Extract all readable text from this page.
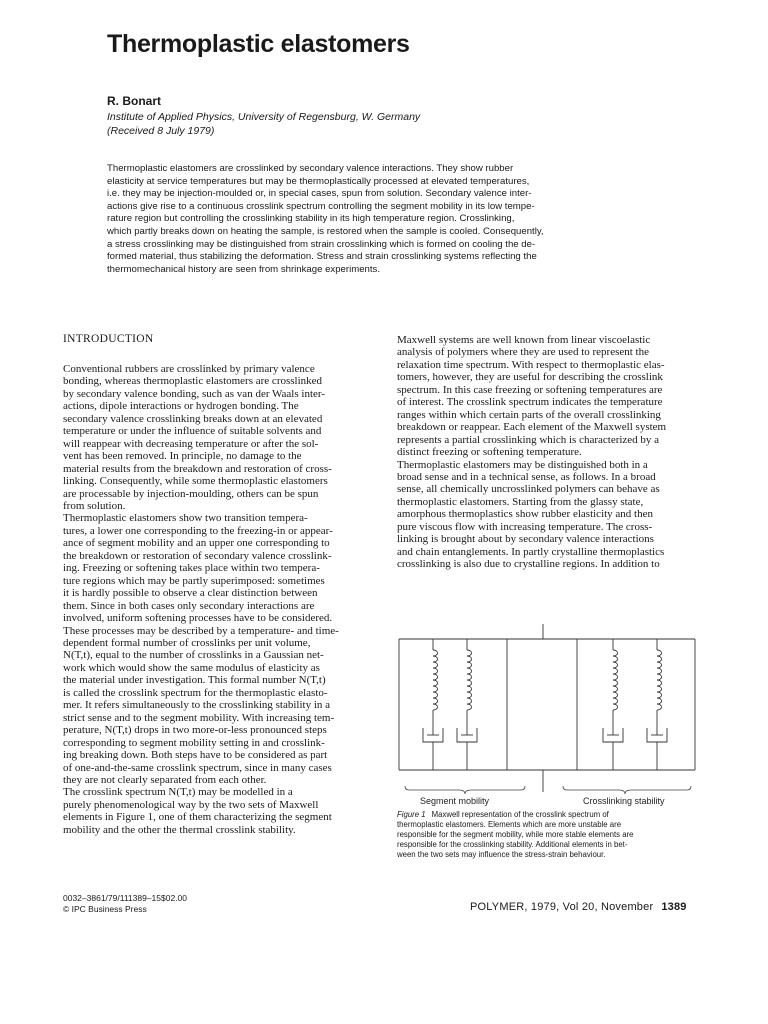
Thermoplastic elastomers
R. Bonart
Institute of Applied Physics, University of Regensburg, W. Germany
(Received 8 July 1979)
Thermoplastic elastomers are crosslinked by secondary valence interactions. They show rubber
elasticity at service temperatures but may be thermoplastically processed at elevated temperatures,
i.e. they may be injection-moulded or, in special cases, spun from solution. Secondary valence inter-
actions give rise to a continuous crosslink spectrum controlling the segment mobility in its low tempe-
rature region but controlling the crosslinking stability in its high temperature region. Crosslinking,
which partly breaks down on heating the sample, is restored when the sample is cooled. Consequently,
a stress crosslinking may be distinguished from strain crosslinking which is formed on cooling the de-
formed material, thus stabilizing the deformation. Stress and strain crosslinking systems reflecting the
thermomechanical history are seen from shrinkage experiments.
INTRODUCTION
Conventional rubbers are crosslinked by primary valence
bonding, whereas thermoplastic elastomers are crosslinked
by secondary valence bonding, such as van der Waals inter-
actions, dipole interactions or hydrogen bonding. The
secondary valence crosslinking breaks down at an elevated
temperature or under the influence of suitable solvents and
will reappear with decreasing temperature or after the sol-
vent has been removed. In principle, no damage to the
material results from the breakdown and restoration of cross-
linking. Consequently, while some thermoplastic elastomers
are processable by injection-moulding, others can be spun
from solution.
Thermoplastic elastomers show two transition tempera-
tures, a lower one corresponding to the freezing-in or appear-
ance of segment mobility and an upper one corresponding to
the breakdown or restoration of secondary valence crosslink-
ing. Freezing or softening takes place within two tempera-
ture regions which may be partly superimposed: sometimes
it is hardly possible to observe a clear distinction between
them. Since in both cases only secondary interactions are
involved, uniform softening processes have to be considered.
These processes may be described by a temperature- and time-
dependent formal number of crosslinks per unit volume,
N(T,t), equal to the number of crosslinks in a Gaussian net-
work which would show the same modulus of elasticity as
the material under investigation. This formal number N(T,t)
is called the crosslink spectrum for the thermoplastic elasto-
mer. It refers simultaneously to the crosslinking stability in a
strict sense and to the segment mobility. With increasing tem-
perature, N(T,t) drops in two more-or-less pronounced steps
corresponding to segment mobility setting in and crosslink-
ing breaking down. Both steps have to be considered as part
of one-and-the-same crosslink spectrum, since in many cases
they are not clearly separated from each other.
The crosslink spectrum N(T,t) may be modelled in a
purely phenomenological way by the two sets of Maxwell
elements in Figure 1, one of them characterizing the segment
mobility and the other the thermal crosslink stability.
Maxwell systems are well known from linear viscoelastic
analysis of polymers where they are used to represent the
relaxation time spectrum. With respect to thermoplastic elas-
tomers, however, they are useful for describing the crosslink
spectrum. In this case freezing or softening temperatures are
of interest. The crosslink spectrum indicates the temperature
ranges within which certain parts of the overall crosslinking
breakdown or reappear. Each element of the Maxwell system
represents a partial crosslinking which is characterized by a
distinct freezing or softening temperature.
Thermoplastic elastomers may be distinguished both in a
broad sense and in a technical sense, as follows. In a broad
sense, all chemically uncrosslinked polymers can behave as
thermoplastic elastomers. Starting from the glassy state,
amorphous thermoplastics show rubber elasticity and then
pure viscous flow with increasing temperature. The cross-
linking is brought about by secondary valence interactions
and chain entanglements. In partly crystalline thermoplastics
crosslinking is also due to crystalline regions. In addition to
Segment mobility	Crosslinking stability
Figure 1 Maxwell representation of the crosslink spectrum of
thermoplastic elastomers. Elements which are more unstable are
responsible for the segment mobility, while more stable elements are
responsible for the crosslinking stability. Additional elements in bet-
ween the two sets may influence the stress-strain behaviour.
0032–3861/79/111389–15$02.00
© IPC Business Press	POLYMER, 1979, Vol 20, November 1389
